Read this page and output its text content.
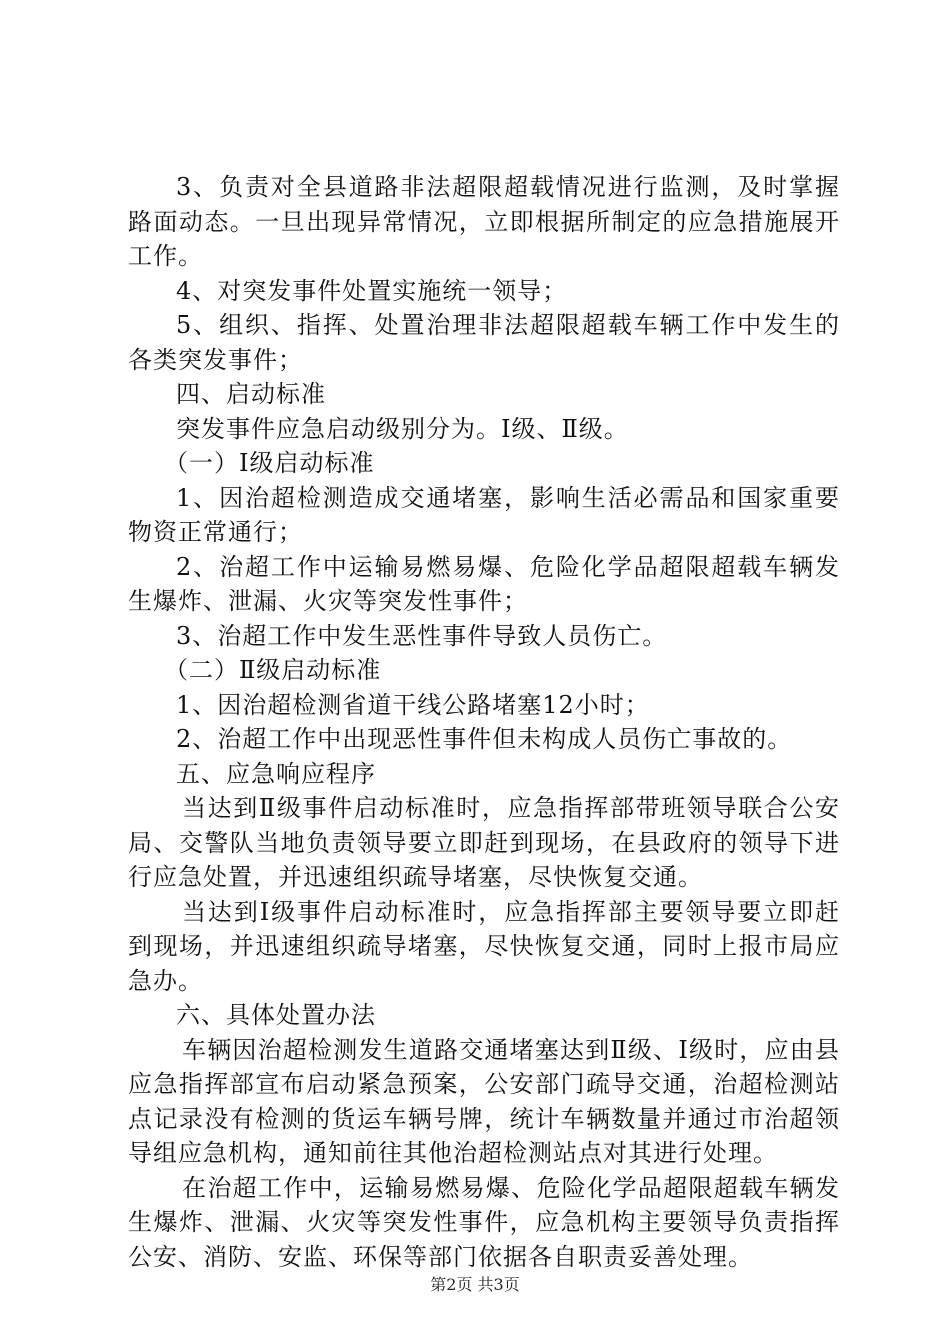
3、负责对全县道路非法超限超载情况进行监测，及时掌握路面动态。一旦出现异常情况，立即根据所制定的应急措施展开工作。

4、对突发事件处置实施统一领导；

5、组织、指挥、处置治理非法超限超载车辆工作中发生的各类突发事件；

四、启动标准

突发事件应急启动级别分为。Ⅰ级、Ⅱ级。

（一）Ⅰ级启动标准

1、因治超检测造成交通堵塞，影响生活必需品和国家重要物资正常通行；

2、治超工作中运输易燃易爆、危险化学品超限超载车辆发生爆炸、泄漏、火灾等突发性事件；

3、治超工作中发生恶性事件导致人员伤亡。

（二）Ⅱ级启动标准

1、因治超检测省道干线公路堵塞12小时；

2、治超工作中出现恶性事件但未构成人员伤亡事故的。

五、应急响应程序

当达到Ⅱ级事件启动标准时，应急指挥部带班领导联合公安局、交警队当地负责领导要立即赶到现场，在县政府的领导下进行应急处置，并迅速组织疏导堵塞，尽快恢复交通。

当达到Ⅰ级事件启动标准时，应急指挥部主要领导要立即赶到现场，并迅速组织疏导堵塞，尽快恢复交通，同时上报市局应急办。

六、具体处置办法

车辆因治超检测发生道路交通堵塞达到Ⅱ级、Ⅰ级时，应由县应急指挥部宣布启动紧急预案，公安部门疏导交通，治超检测站点记录没有检测的货运车辆号牌，统计车辆数量并通过市治超领导组应急机构，通知前往其他治超检测站点对其进行处理。

在治超工作中，运输易燃易爆、危险化学品超限超载车辆发生爆炸、泄漏、火灾等突发性事件，应急机构主要领导负责指挥公安、消防、安监、环保等部门依据各自职责妥善处理。

第2页 共3页
